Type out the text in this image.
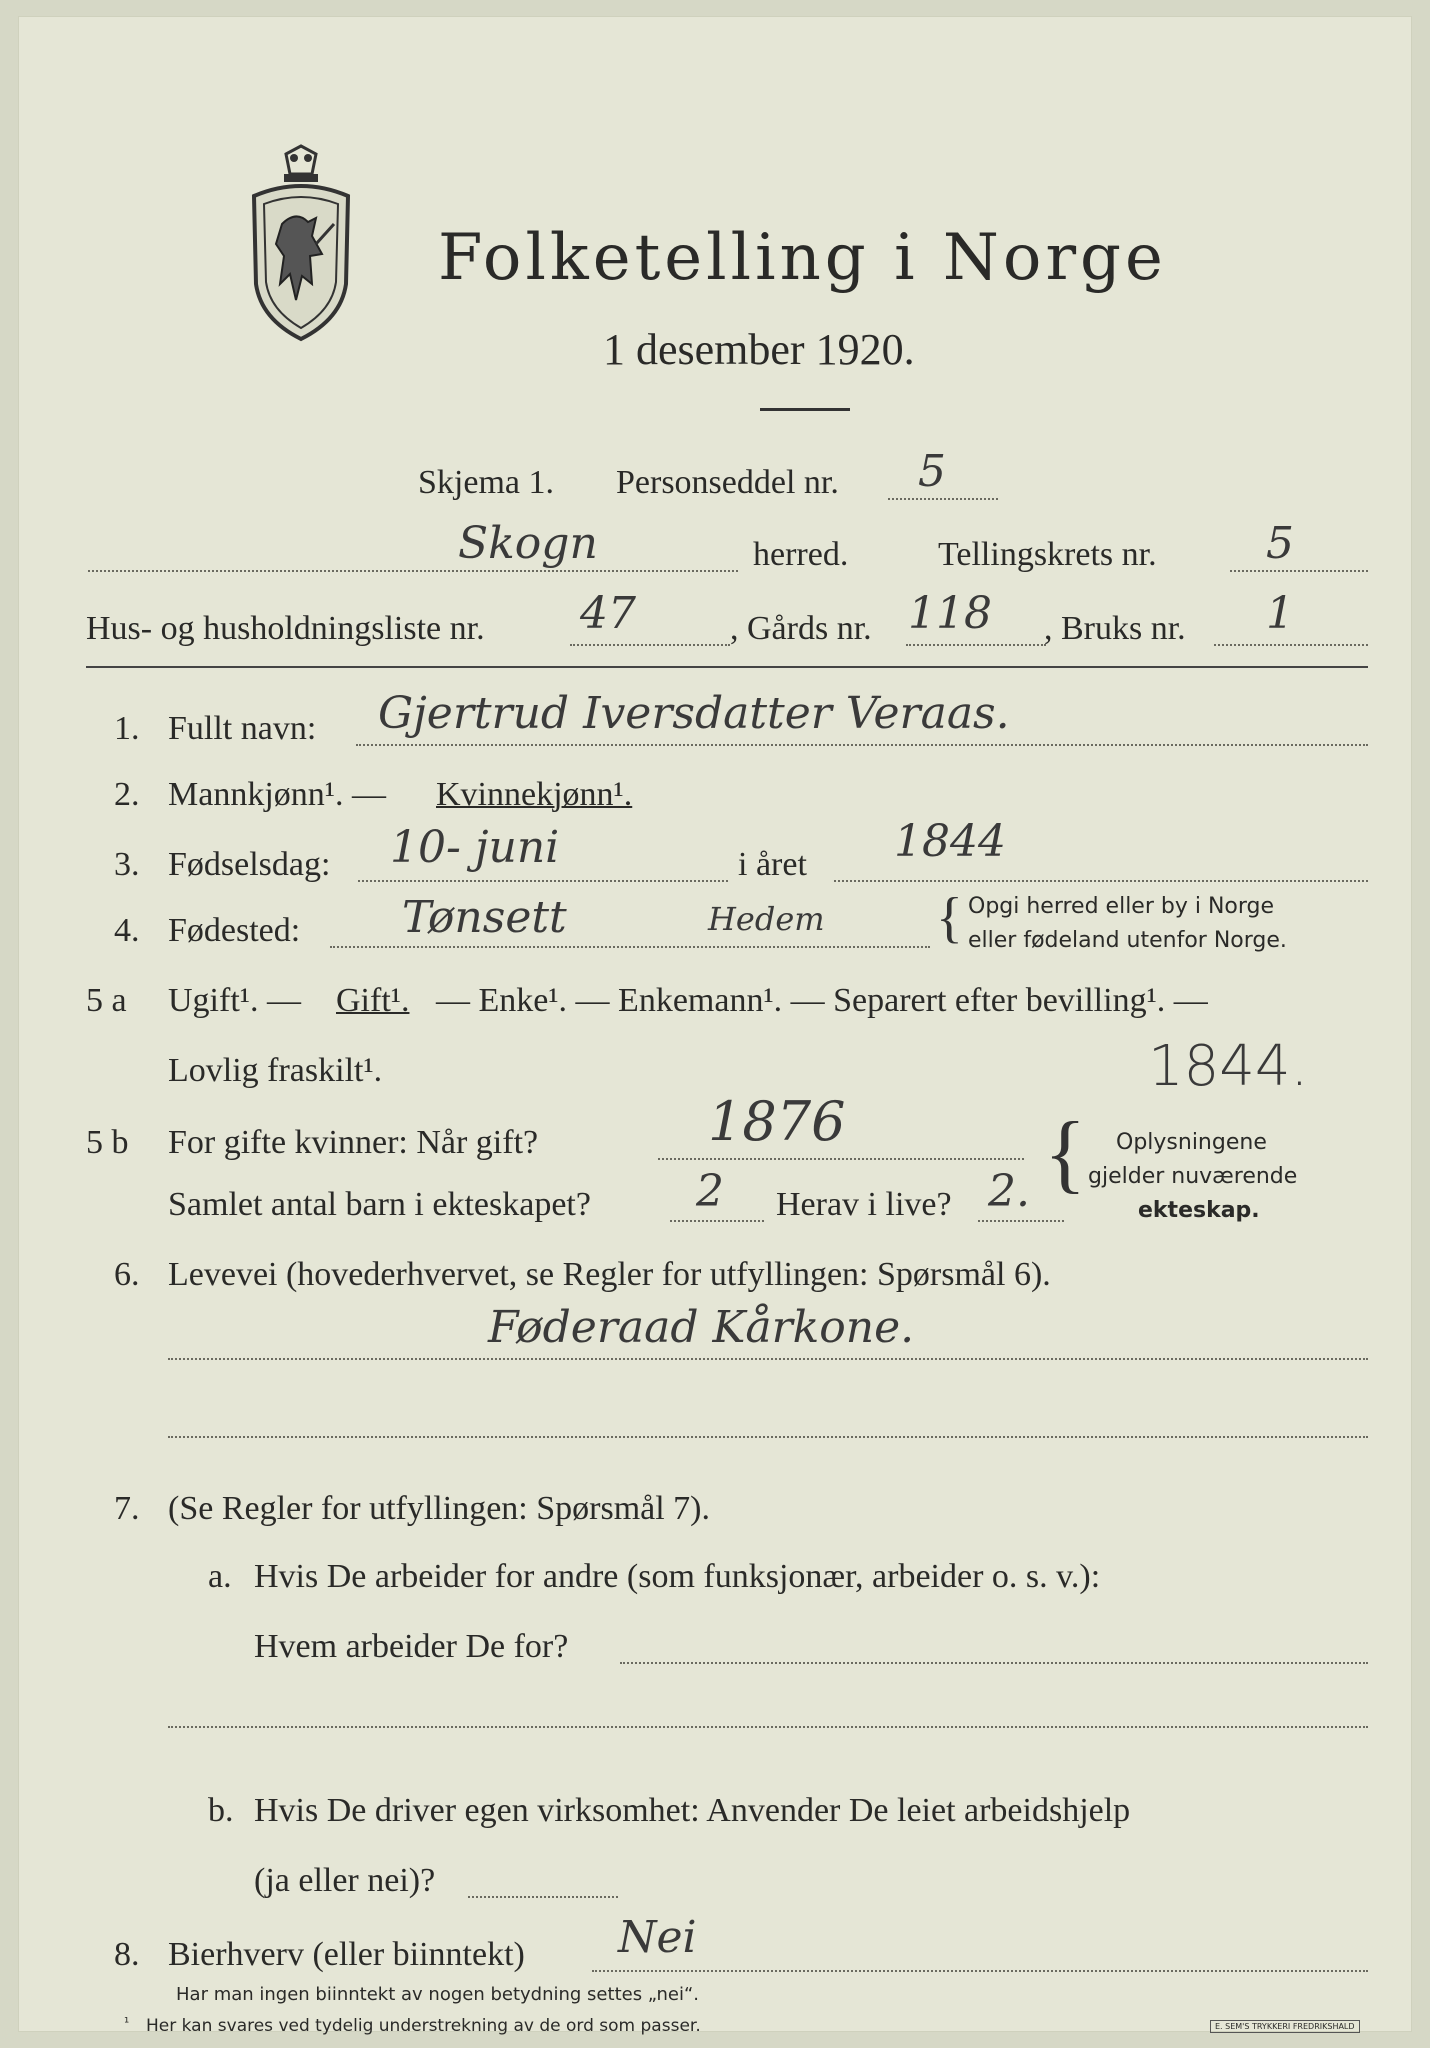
Folketelling i Norge
1 desember 1920.
Skjema 1. Personseddel nr. 5
Skogn	herred.	Tellingskrets nr. 5
Hus- og husholdningsliste nr. 47	, Gårds nr. 118 , Bruks nr. 1
1. Fullt navn: Gjertrud Iversdatter Veraas.
2. Mannkjønn¹. — Kvinnekjønn¹.
3. Fødselsdag: 10- juni	i året 1844
4. Fødested: Tønsett	Hedem { Opgi herred eller by i Norge
eller fødeland utenfor Norge.
5 a Ugift¹. — Gift¹. — Enke¹. — Enkemann¹. — Separert efter bevilling¹. —
Lovlig fraskilt¹.	1844.
5 b For gifte kvinner: Når gift?	1876 { Oplysningene
gjelder nuværende
ekteskap.
Samlet antal barn i ekteskapet? 2 Herav i live? 2.
6. Levevei (hovederhvervet, se Regler for utfyllingen: Spørsmål 6).
Føderaad Kårkone.
7. (Se Regler for utfyllingen: Spørsmål 7).
a. Hvis De arbeider for andre (som funksjonær, arbeider o. s. v.):
Hvem arbeider De for?
b. Hvis De driver egen virksomhet: Anvender De leiet arbeidshjelp
(ja eller nei)?
8. Bierhverv (eller biinntekt) Nei
Har man ingen biinntekt av nogen betydning settes „nei“.
¹ Her kan svares ved tydelig understrekning av de ord som passer.	E. SEM'S TRYKKERI FREDRIKSHALD
